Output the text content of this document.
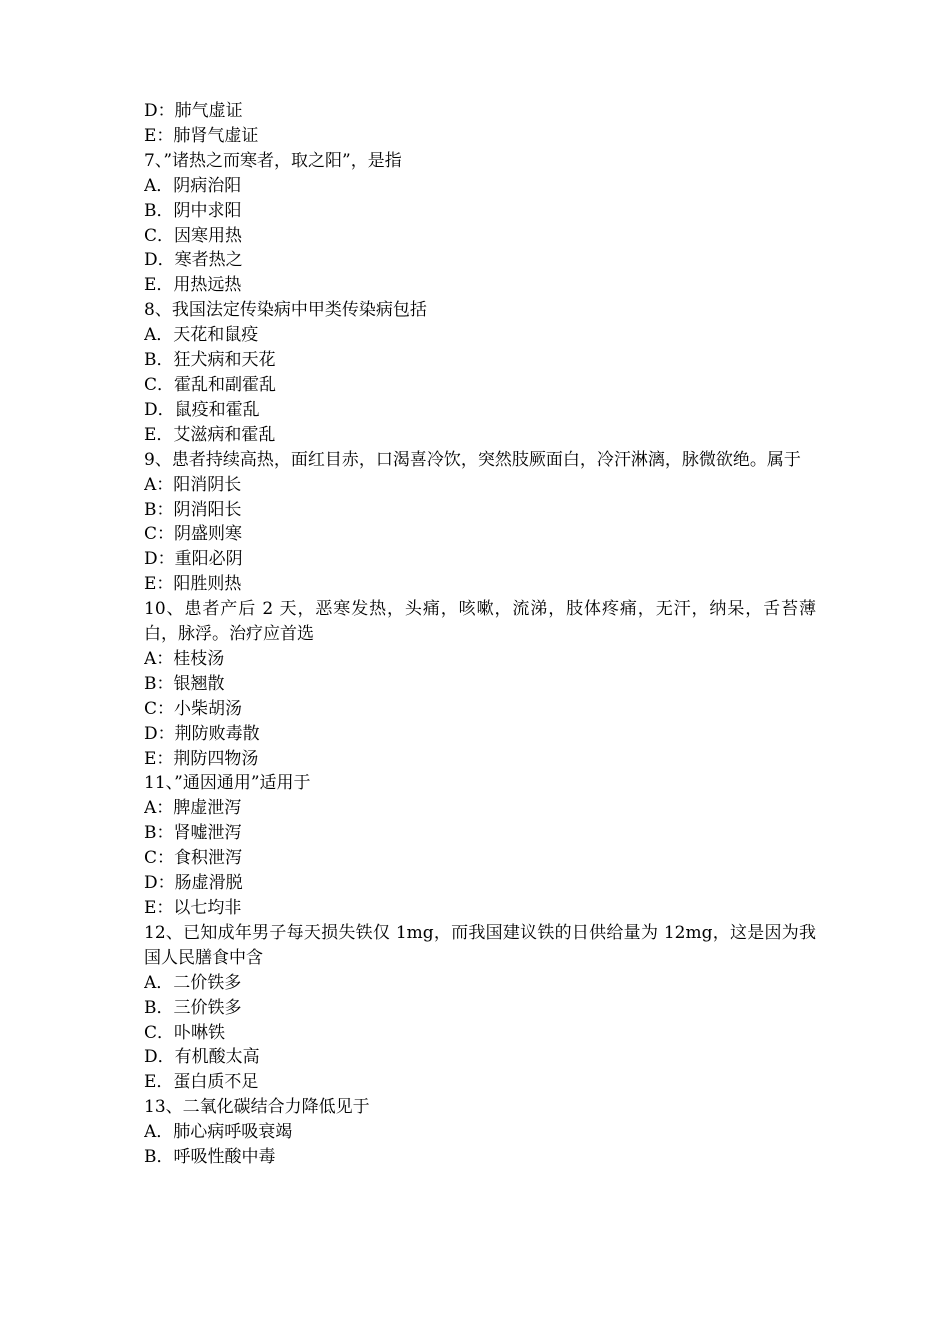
D：肺气虚证
E：肺肾气虚证
7、”诸热之而寒者，取之阳”，是指
A．阴病治阳
B．阴中求阳
C．因寒用热
D．寒者热之
E．用热远热
8、我国法定传染病中甲类传染病包括
A．天花和鼠疫
B．狂犬病和天花
C．霍乱和副霍乱
D．鼠疫和霍乱
E．艾滋病和霍乱
9、患者持续高热，面红目赤，口渴喜冷饮，突然肢厥面白，冷汗淋漓，脉微欲绝。属于
A：阳消阴长
B：阴消阳长
C：阴盛则寒
D：重阳必阴
E：阳胜则热
10、患者产后 2 天，恶寒发热，头痛，咳嗽，流涕，肢体疼痛，无汗，纳呆，舌苔薄白，脉浮。治疗应首选
A：桂枝汤
B：银翘散
C：小柴胡汤
D：荆防败毒散
E：荆防四物汤
11、”通因通用”适用于
A：脾虚泄泻
B：肾嘘泄泻
C：食积泄泻
D：肠虚滑脱
E：以七均非
12、已知成年男子每天损失铁仅 1mg，而我国建议铁的日供给量为 12mg，这是因为我国人民膳食中含
A．二价铁多
B．三价铁多
C．卟啉铁
D．有机酸太高
E．蛋白质不足
13、二氧化碳结合力降低见于
A．肺心病呼吸衰竭
B．呼吸性酸中毒
